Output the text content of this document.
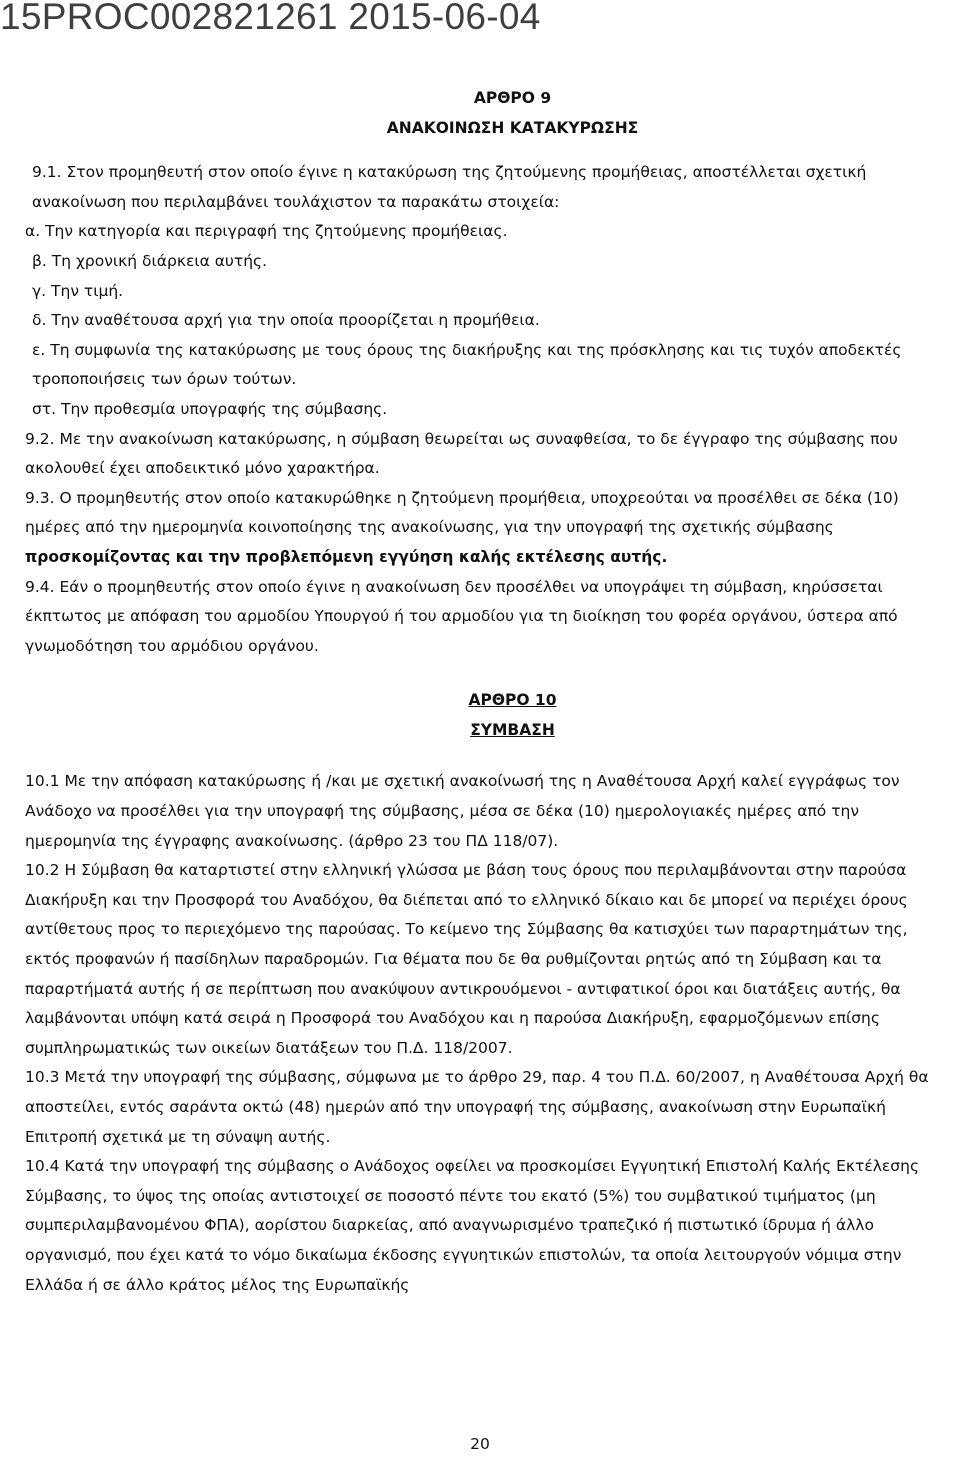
15PROC002821261 2015-06-04

ΑΡΘΡΟ 9

ΑΝΑΚΟΙΝΩΣΗ ΚΑΤΑΚΥΡΩΣΗΣ

9.1. Στον προμηθευτή στον οποίο έγινε η κατακύρωση της ζητούμενης προμήθειας, αποστέλλεται σχετική ανακοίνωση που περιλαμβάνει τουλάχιστον τα παρακάτω στοιχεία:

α. Την κατηγορία και περιγραφή της ζητούμενης προμήθειας.

β. Τη χρονική διάρκεια αυτής.

γ. Την τιμή.

δ. Την αναθέτουσα αρχή για την οποία προορίζεται η προμήθεια.

ε. Τη συμφωνία της κατακύρωσης με τους όρους της διακήρυξης και της πρόσκλησης και τις τυχόν αποδεκτές τροποποιήσεις των όρων τούτων.

στ. Την προθεσμία υπογραφής της σύμβασης.

9.2. Με την ανακοίνωση κατακύρωσης, η σύμβαση θεωρείται ως συναφθείσα, το δε έγγραφο της σύμβασης που ακολουθεί έχει αποδεικτικό μόνο χαρακτήρα.

9.3. Ο προμηθευτής στον οποίο κατακυρώθηκε η ζητούμενη προμήθεια, υποχρεούται να προσέλθει σε δέκα (10) ημέρες από την ημερομηνία κοινοποίησης της ανακοίνωσης, για την υπογραφή της σχετικής σύμβασης προσκομίζοντας και την προβλεπόμενη εγγύηση καλής εκτέλεσης αυτής.

9.4. Εάν ο προμηθευτής στον οποίο έγινε η ανακοίνωση δεν προσέλθει να υπογράψει τη σύμβαση, κηρύσσεται έκπτωτος με απόφαση του αρμοδίου Υπουργού ή του αρμοδίου για τη διοίκηση του φορέα οργάνου, ύστερα από γνωμοδότηση του αρμόδιου οργάνου.

ΑΡΘΡΟ 10

ΣΥΜΒΑΣΗ

10.1 Με την απόφαση κατακύρωσης ή /και με σχετική ανακοίνωσή της η Αναθέτουσα Αρχή καλεί εγγράφως τον Ανάδοχο να προσέλθει για την υπογραφή της σύμβασης, μέσα σε δέκα (10) ημερολογιακές ημέρες από την ημερομηνία της έγγραφης ανακοίνωσης. (άρθρο 23 του ΠΔ 118/07).

10.2 Η Σύμβαση θα καταρτιστεί στην ελληνική γλώσσα με βάση τους όρους που περιλαμβάνονται στην παρούσα Διακήρυξη και την Προσφορά του Αναδόχου, θα διέπεται από το ελληνικό δίκαιο και δε μπορεί να περιέχει όρους αντίθετους προς το περιεχόμενο της παρούσας. Το κείμενο της Σύμβασης θα κατισχύει των παραρτημάτων της, εκτός προφανών ή πασίδηλων παραδρομών. Για θέματα που δε θα ρυθμίζονται ρητώς από τη Σύμβαση και τα παραρτήματά αυτής ή σε περίπτωση που ανακύψουν αντικρουόμενοι - αντιφατικοί όροι και διατάξεις αυτής, θα λαμβάνονται υπόψη κατά σειρά η Προσφορά του Αναδόχου και η παρούσα Διακήρυξη, εφαρμοζόμενων επίσης συμπληρωματικώς των οικείων διατάξεων του Π.Δ. 118/2007.

10.3 Μετά την υπογραφή της σύμβασης, σύμφωνα με το άρθρο 29, παρ. 4 του Π.Δ. 60/2007, η Αναθέτουσα Αρχή θα αποστείλει, εντός σαράντα οκτώ (48) ημερών από την υπογραφή της σύμβασης, ανακοίνωση στην Ευρωπαϊκή Επιτροπή σχετικά με τη σύναψη αυτής.

10.4 Κατά την υπογραφή της σύμβασης ο Ανάδοχος οφείλει να προσκομίσει Εγγυητική Επιστολή Καλής Εκτέλεσης Σύμβασης, το ύψος της οποίας αντιστοιχεί σε ποσοστό πέντε του εκατό (5%) του συμβατικού τιμήματος (μη συμπεριλαμβανομένου ΦΠΑ), αορίστου διαρκείας, από αναγνωρισμένο τραπεζικό ή πιστωτικό ίδρυμα ή άλλο οργανισμό, που έχει κατά το νόμο δικαίωμα έκδοσης εγγυητικών επιστολών, τα οποία λειτουργούν νόμιμα στην Ελλάδα ή σε άλλο κράτος μέλος της Ευρωπαϊκής

20
